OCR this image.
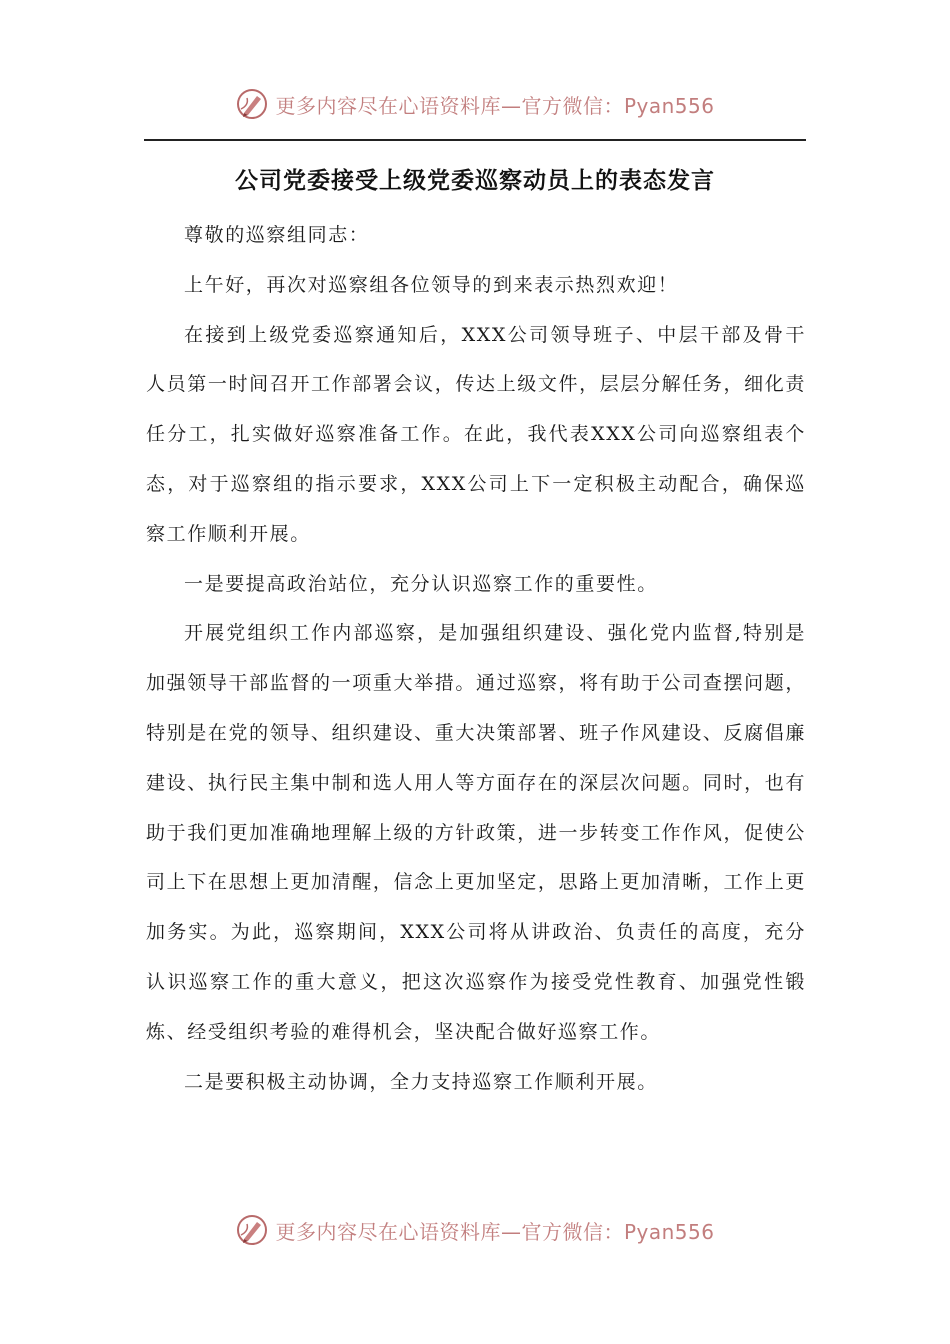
更多内容尽在心语资料库—官方微信：Pyan556
公司党委接受上级党委巡察动员上的表态发言

尊敬的巡察组同志：

上午好，再次对巡察组各位领导的到来表示热烈欢迎！

在接到上级党委巡察通知后，XXX公司领导班子、中层干部及骨干人员第一时间召开工作部署会议，传达上级文件，层层分解任务，细化责任分工，扎实做好巡察准备工作。在此，我代表XXX公司向巡察组表个态，对于巡察组的指示要求，XXX公司上下一定积极主动配合，确保巡察工作顺利开展。

一是要提高政治站位，充分认识巡察工作的重要性。

开展党组织工作内部巡察，是加强组织建设、强化党内监督,特别是加强领导干部监督的一项重大举措。通过巡察，将有助于公司查摆问题，特别是在党的领导、组织建设、重大决策部署、班子作风建设、反腐倡廉建设、执行民主集中制和选人用人等方面存在的深层次问题。同时，也有助于我们更加准确地理解上级的方针政策，进一步转变工作作风，促使公司上下在思想上更加清醒，信念上更加坚定，思路上更加清晰，工作上更加务实。为此，巡察期间，XXX公司将从讲政治、负责任的高度，充分认识巡察工作的重大意义，把这次巡察作为接受党性教育、加强党性锻炼、经受组织考验的难得机会，坚决配合做好巡察工作。

二是要积极主动协调，全力支持巡察工作顺利开展。

更多内容尽在心语资料库—官方微信：Pyan556
